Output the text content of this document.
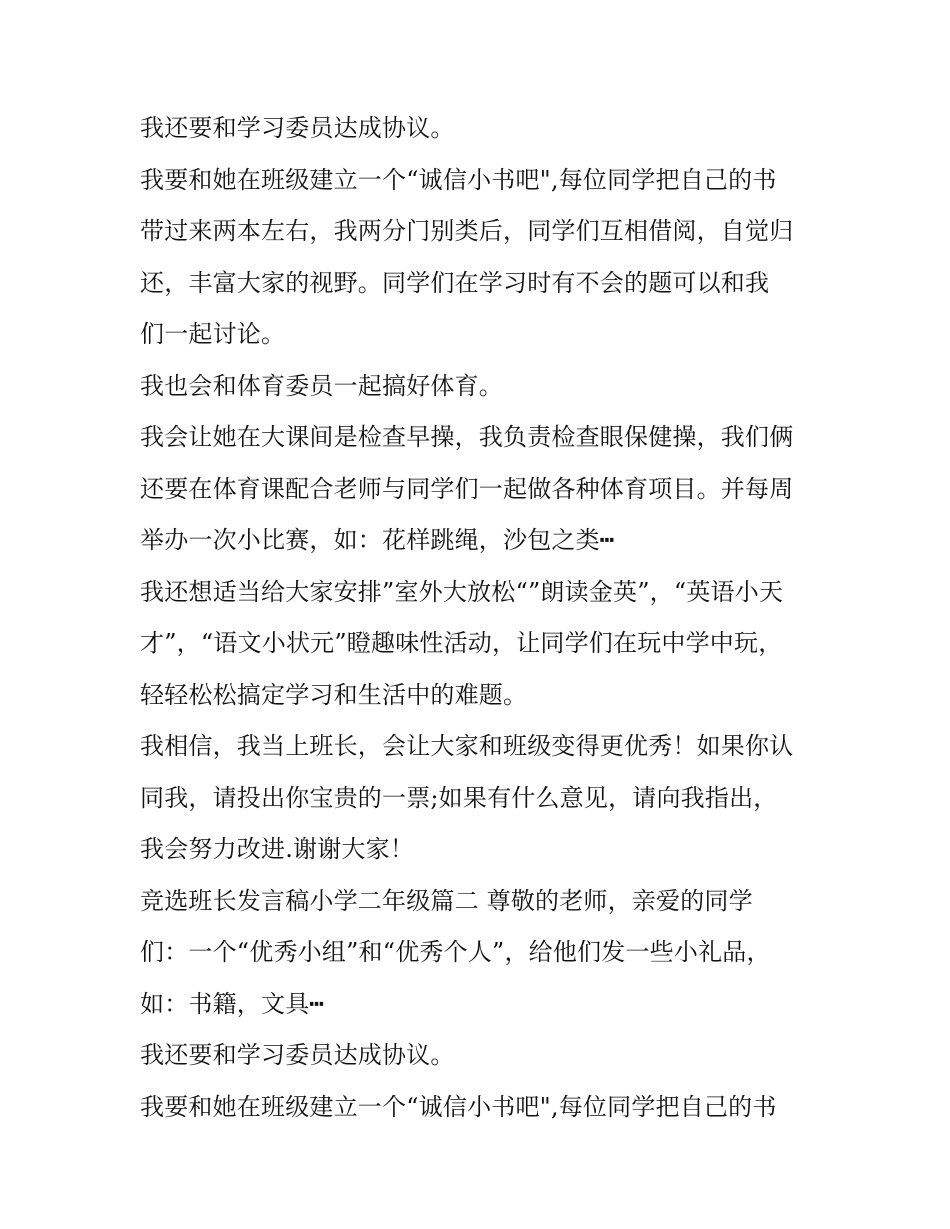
我还要和学习委员达成协议。
我要和她在班级建立一个“诚信小书吧",每位同学把自己的书
带过来两本左右，我两分门别类后，同学们互相借阅，自觉归
还，丰富大家的视野。同学们在学习时有不会的题可以和我
们一起讨论。
我也会和体育委员一起搞好体育。
我会让她在大课间是检查早操，我负责检查眼保健操，我们俩
还要在体育课配合老师与同学们一起做各种体育项目。并每周
举办一次小比赛，如：花样跳绳，沙包之类┅
我还想适当给大家安排”室外大放松“”朗读金英”，“英语小天
才”，“语文小状元”瞪趣味性活动，让同学们在玩中学中玩，
轻轻松松搞定学习和生活中的难题。
我相信，我当上班长，会让大家和班级变得更优秀！如果你认
同我，请投出你宝贵的一票;如果有什么意见，请向我指出，
我会努力改进.谢谢大家！
竞选班长发言稿小学二年级篇二 尊敬的老师，亲爱的同学
们：一个“优秀小组”和“优秀个人”，给他们发一些小礼品，
如：书籍，文具┅
我还要和学习委员达成协议。
我要和她在班级建立一个“诚信小书吧",每位同学把自己的书
